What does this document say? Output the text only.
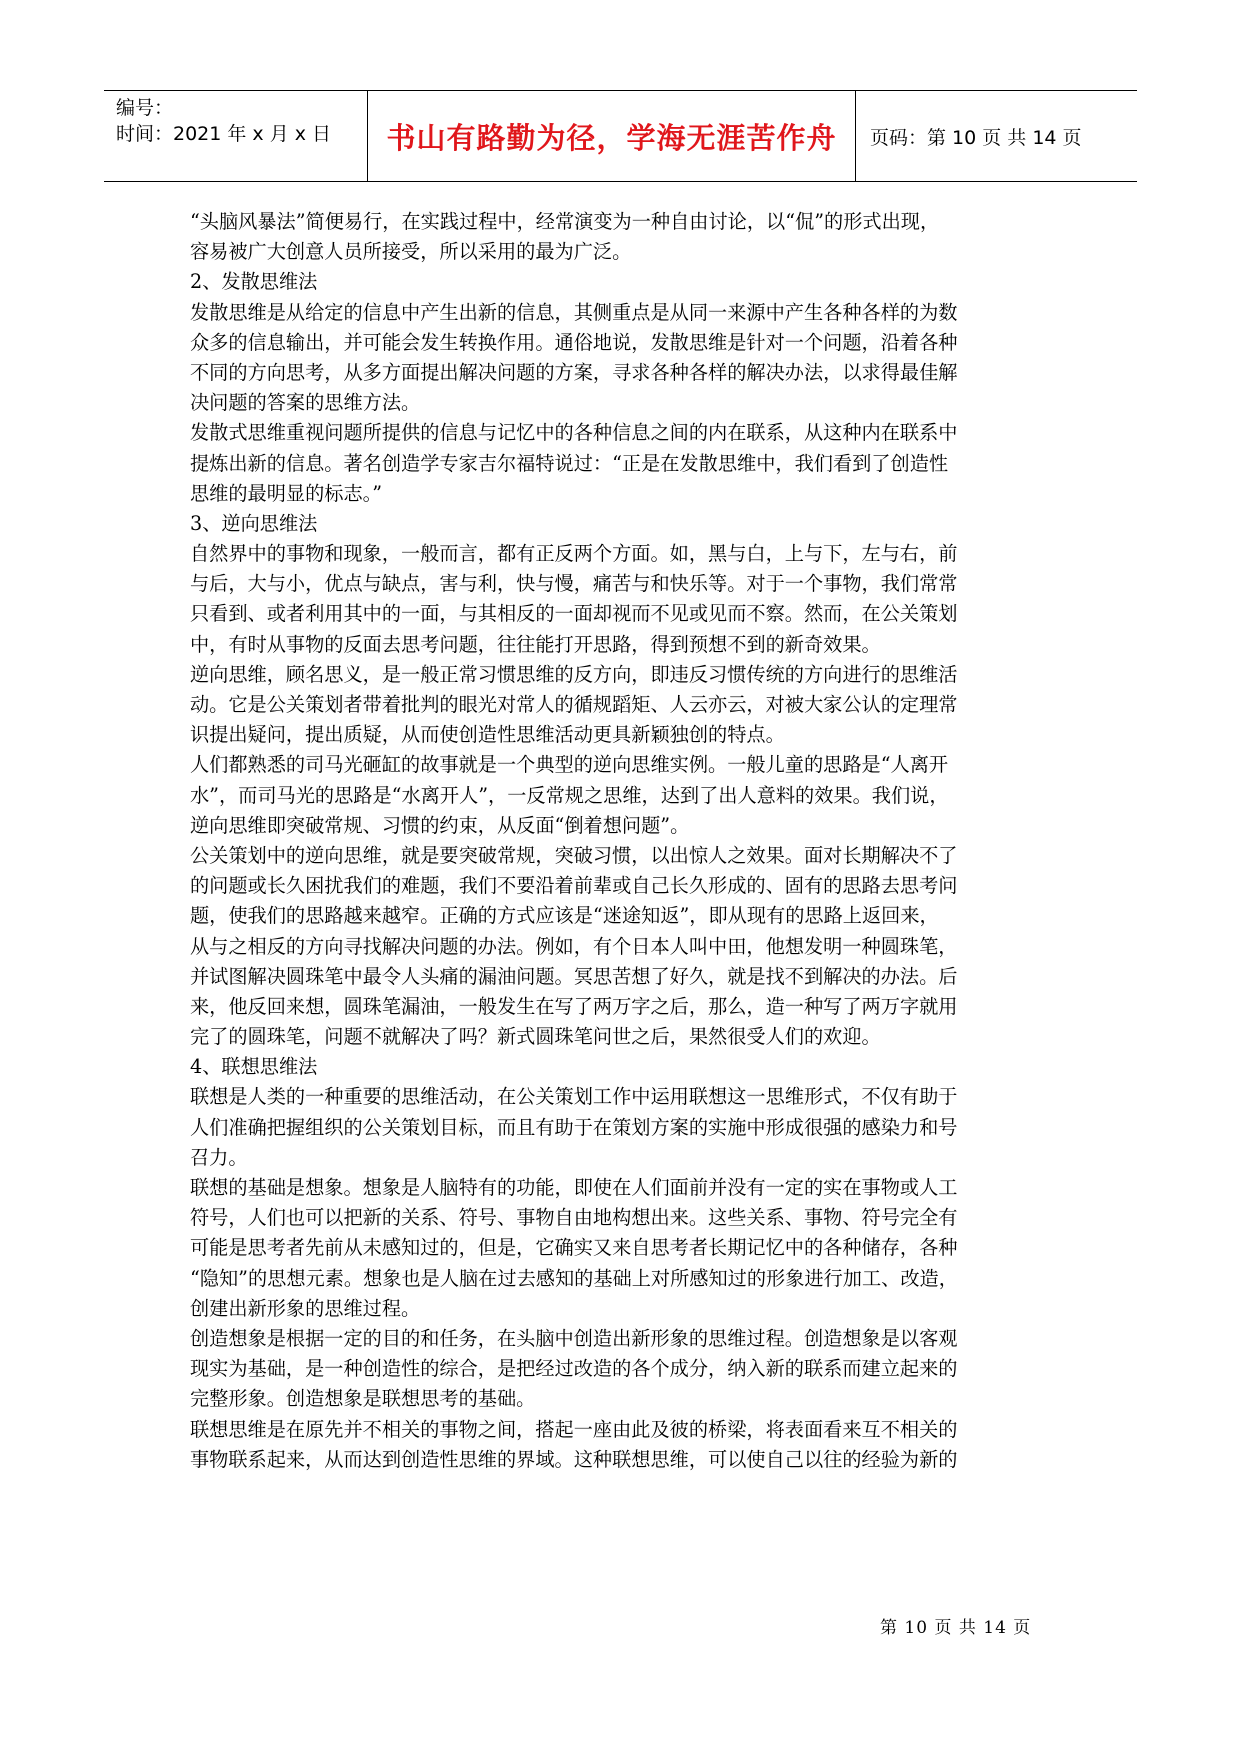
编号：
时间：2021 年 x 月 x 日	书山有路勤为径，学海无涯苦作舟 页码：第 10 页 共 14 页
“头脑风暴法”简便易行，在实践过程中，经常演变为一种自由讨论，以“侃”的形式出现，
容易被广大创意人员所接受，所以采用的最为广泛。
2、发散思维法
发散思维是从给定的信息中产生出新的信息，其侧重点是从同一来源中产生各种各样的为数
众多的信息输出，并可能会发生转换作用。通俗地说，发散思维是针对一个问题，沿着各种
不同的方向思考，从多方面提出解决问题的方案，寻求各种各样的解决办法，以求得最佳解
决问题的答案的思维方法。
发散式思维重视问题所提供的信息与记忆中的各种信息之间的内在联系，从这种内在联系中
提炼出新的信息。著名创造学专家吉尔福特说过：“正是在发散思维中，我们看到了创造性
思维的最明显的标志。”
3、逆向思维法
自然界中的事物和现象，一般而言，都有正反两个方面。如，黑与白，上与下，左与右，前
与后，大与小，优点与缺点，害与利，快与慢，痛苦与和快乐等。对于一个事物，我们常常
只看到、或者利用其中的一面，与其相反的一面却视而不见或见而不察。然而，在公关策划
中，有时从事物的反面去思考问题，往往能打开思路，得到预想不到的新奇效果。
逆向思维，顾名思义，是一般正常习惯思维的反方向，即违反习惯传统的方向进行的思维活
动。它是公关策划者带着批判的眼光对常人的循规蹈矩、人云亦云，对被大家公认的定理常
识提出疑问，提出质疑，从而使创造性思维活动更具新颖独创的特点。
人们都熟悉的司马光砸缸的故事就是一个典型的逆向思维实例。一般儿童的思路是“人离开
水”，而司马光的思路是“水离开人”，一反常规之思维，达到了出人意料的效果。我们说，
逆向思维即突破常规、习惯的约束，从反面“倒着想问题”。
公关策划中的逆向思维，就是要突破常规，突破习惯，以出惊人之效果。面对长期解决不了
的问题或长久困扰我们的难题，我们不要沿着前辈或自己长久形成的、固有的思路去思考问
题，使我们的思路越来越窄。正确的方式应该是“迷途知返”，即从现有的思路上返回来，
从与之相反的方向寻找解决问题的办法。例如，有个日本人叫中田，他想发明一种圆珠笔，
并试图解决圆珠笔中最令人头痛的漏油问题。冥思苦想了好久，就是找不到解决的办法。后
来，他反回来想，圆珠笔漏油，一般发生在写了两万字之后，那么，造一种写了两万字就用
完了的圆珠笔，问题不就解决了吗？新式圆珠笔问世之后，果然很受人们的欢迎。
4、联想思维法
联想是人类的一种重要的思维活动，在公关策划工作中运用联想这一思维形式，不仅有助于
人们准确把握组织的公关策划目标，而且有助于在策划方案的实施中形成很强的感染力和号
召力。
联想的基础是想象。想象是人脑特有的功能，即使在人们面前并没有一定的实在事物或人工
符号，人们也可以把新的关系、符号、事物自由地构想出来。这些关系、事物、符号完全有
可能是思考者先前从未感知过的，但是，它确实又来自思考者长期记忆中的各种储存，各种
“隐知”的思想元素。想象也是人脑在过去感知的基础上对所感知过的形象进行加工、改造，
创建出新形象的思维过程。
创造想象是根据一定的目的和任务，在头脑中创造出新形象的思维过程。创造想象是以客观
现实为基础，是一种创造性的综合，是把经过改造的各个成分，纳入新的联系而建立起来的
完整形象。创造想象是联想思考的基础。
联想思维是在原先并不相关的事物之间，搭起一座由此及彼的桥梁，将表面看来互不相关的
事物联系起来，从而达到创造性思维的界域。这种联想思维，可以使自己以往的经验为新的
第 10 页 共 14 页
